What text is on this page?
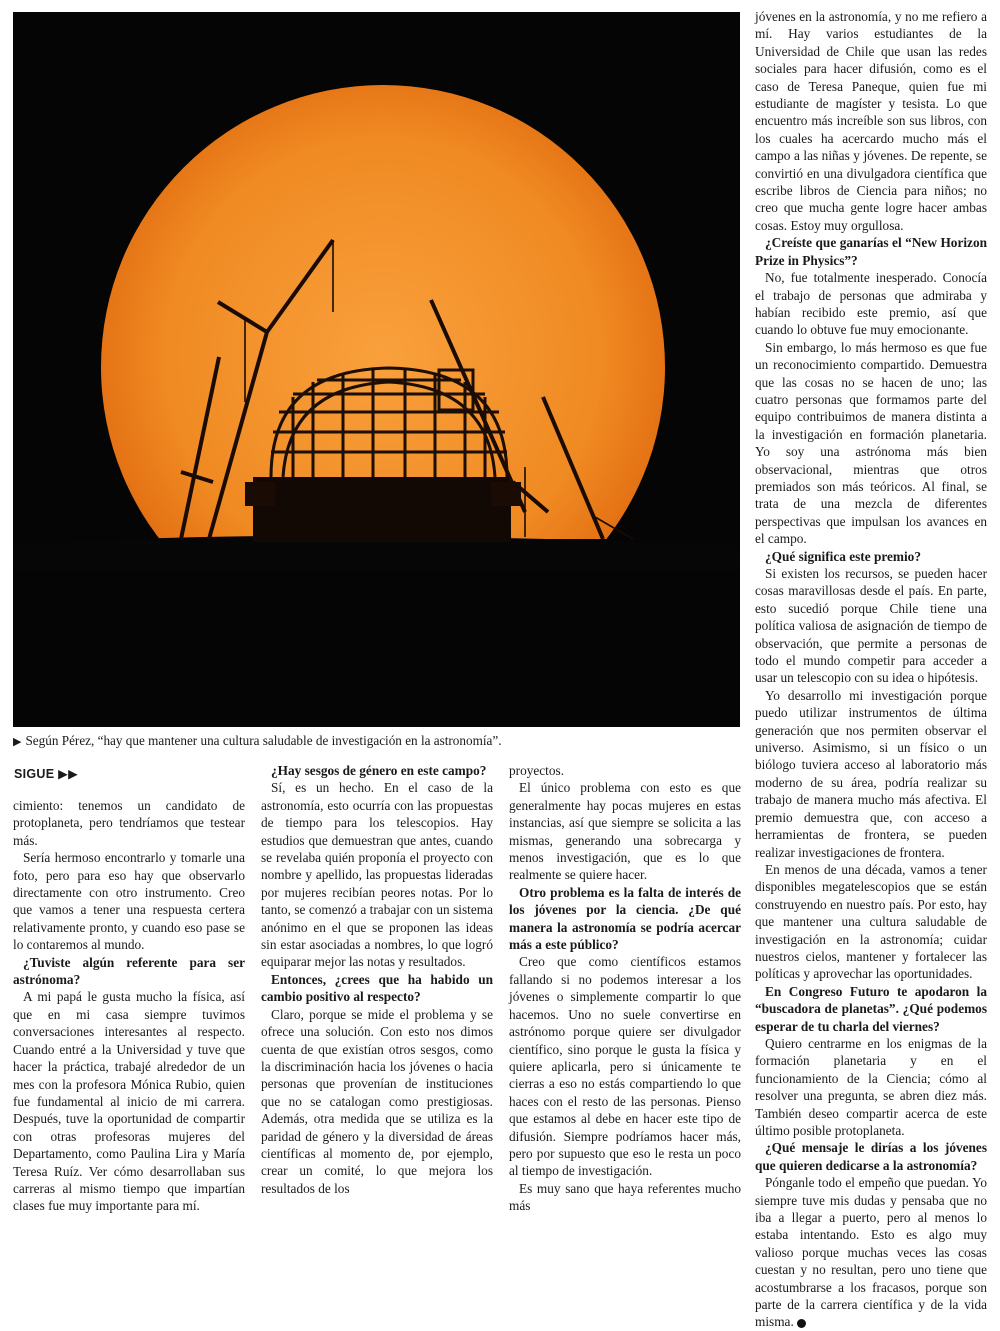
▶ Según Pérez, “hay que mantener una cultura saludable de investigación en la astronomía”.
SIGUE ▶▶

cimiento: tenemos un candidato de protoplaneta, pero tendríamos que testear más.

Sería hermoso encontrarlo y tomarle una foto, pero para eso hay que observarlo directamente con otro instrumento. Creo que vamos a tener una respuesta certera relativamente pronto, y cuando eso pase se lo contaremos al mundo.

¿Tuviste algún referente para ser astrónoma?

A mi papá le gusta mucho la física, así que en mi casa siempre tuvimos conversaciones interesantes al respecto. Cuando entré a la Universidad y tuve que hacer la práctica, trabajé alrededor de un mes con la profesora Mónica Rubio, quien fue fundamental al inicio de mi carrera. Después, tuve la oportunidad de compartir con otras profesoras mujeres del Departamento, como Paulina Lira y María Teresa Ruíz. Ver cómo desarrollaban sus carreras al mismo tiempo que impartían clases fue muy importante para mí.

¿Hay sesgos de género en este campo?

Sí, es un hecho. En el caso de la astronomía, esto ocurría con las propuestas de tiempo para los telescopios. Hay estudios que demuestran que antes, cuando se revelaba quién proponía el proyecto con nombre y apellido, las propuestas lideradas por mujeres recibían peores notas. Por lo tanto, se comenzó a trabajar con un sistema anónimo en el que se proponen las ideas sin estar asociadas a nombres, lo que logró equiparar mejor las notas y resultados.

Entonces, ¿crees que ha habido un cambio positivo al respecto?

Claro, porque se mide el problema y se ofrece una solución. Con esto nos dimos cuenta de que existían otros sesgos, como la discriminación hacia los jóvenes o hacia personas que provenían de instituciones que no se catalogan como prestigiosas. Además, otra medida que se utiliza es la paridad de género y la diversidad de áreas científicas al momento de, por ejemplo, crear un comité, lo que mejora los resultados de los

proyectos.

El único problema con esto es que generalmente hay pocas mujeres en estas instancias, así que siempre se solicita a las mismas, generando una sobrecarga y menos investigación, que es lo que realmente se quiere hacer.

Otro problema es la falta de interés de los jóvenes por la ciencia. ¿De qué manera la astronomía se podría acercar más a este público?

Creo que como científicos estamos fallando si no podemos interesar a los jóvenes o simplemente compartir lo que hacemos. Uno no suele convertirse en astrónomo porque quiere ser divulgador científico, sino porque le gusta la física y quiere aplicarla, pero si únicamente te cierras a eso no estás compartiendo lo que haces con el resto de las personas. Pienso que estamos al debe en hacer este tipo de difusión. Siempre podríamos hacer más, pero por supuesto que eso le resta un poco al tiempo de investigación.

Es muy sano que haya referentes mucho más

jóvenes en la astronomía, y no me refiero a mí. Hay varios estudiantes de la Universidad de Chile que usan las redes sociales para hacer difusión, como es el caso de Teresa Paneque, quien fue mi estudiante de magíster y tesista. Lo que encuentro más increíble son sus libros, con los cuales ha acercardo mucho más el campo a las niñas y jóvenes. De repente, se convirtió en una divulgadora científica que escribe libros de Ciencia para niños; no creo que mucha gente logre hacer ambas cosas. Estoy muy orgullosa.

¿Creíste que ganarías el “New Horizon Prize in Physics”?

No, fue totalmente inesperado. Conocía el trabajo de personas que admiraba y habían recibido este premio, así que cuando lo obtuve fue muy emocionante.

Sin embargo, lo más hermoso es que fue un reconocimiento compartido. Demuestra que las cosas no se hacen de uno; las cuatro personas que formamos parte del equipo contribuimos de manera distinta a la investigación en formación planetaria. Yo soy una astrónoma más bien observacional, mientras que otros premiados son más teóricos. Al final, se trata de una mezcla de diferentes perspectivas que impulsan los avances en el campo.

¿Qué significa este premio?

Si existen los recursos, se pueden hacer cosas maravillosas desde el país. En parte, esto sucedió porque Chile tiene una política valiosa de asignación de tiempo de observación, que permite a personas de todo el mundo competir para acceder a usar un telescopio con su idea o hipótesis.

Yo desarrollo mi investigación porque puedo utilizar instrumentos de última generación que nos permiten observar el universo. Asimismo, si un físico o un biólogo tuviera acceso al laboratorio más moderno de su área, podría realizar su trabajo de manera mucho más afectiva. El premio demuestra que, con acceso a herramientas de frontera, se pueden realizar investigaciones de frontera.

En menos de una década, vamos a tener disponibles megatelescopios que se están construyendo en nuestro país. Por esto, hay que mantener una cultura saludable de investigación en la astronomía; cuidar nuestros cielos, mantener y fortalecer las políticas y aprovechar las oportunidades.

En Congreso Futuro te apodaron la “buscadora de planetas”. ¿Qué podemos esperar de tu charla del viernes?

Quiero centrarme en los enigmas de la formación planetaria y en el funcionamiento de la Ciencia; cómo al resolver una pregunta, se abren diez más. También deseo compartir acerca de este último posible protoplaneta.

¿Qué mensaje le dirías a los jóvenes que quieren dedicarse a la astronomía?

Pónganle todo el empeño que puedan. Yo siempre tuve mis dudas y pensaba que no iba a llegar a puerto, pero al menos lo estaba intentando. Esto es algo muy valioso porque muchas veces las cosas cuestan y no resultan, pero uno tiene que acostumbrarse a los fracasos, porque son parte de la carrera científica y de la vida misma.
